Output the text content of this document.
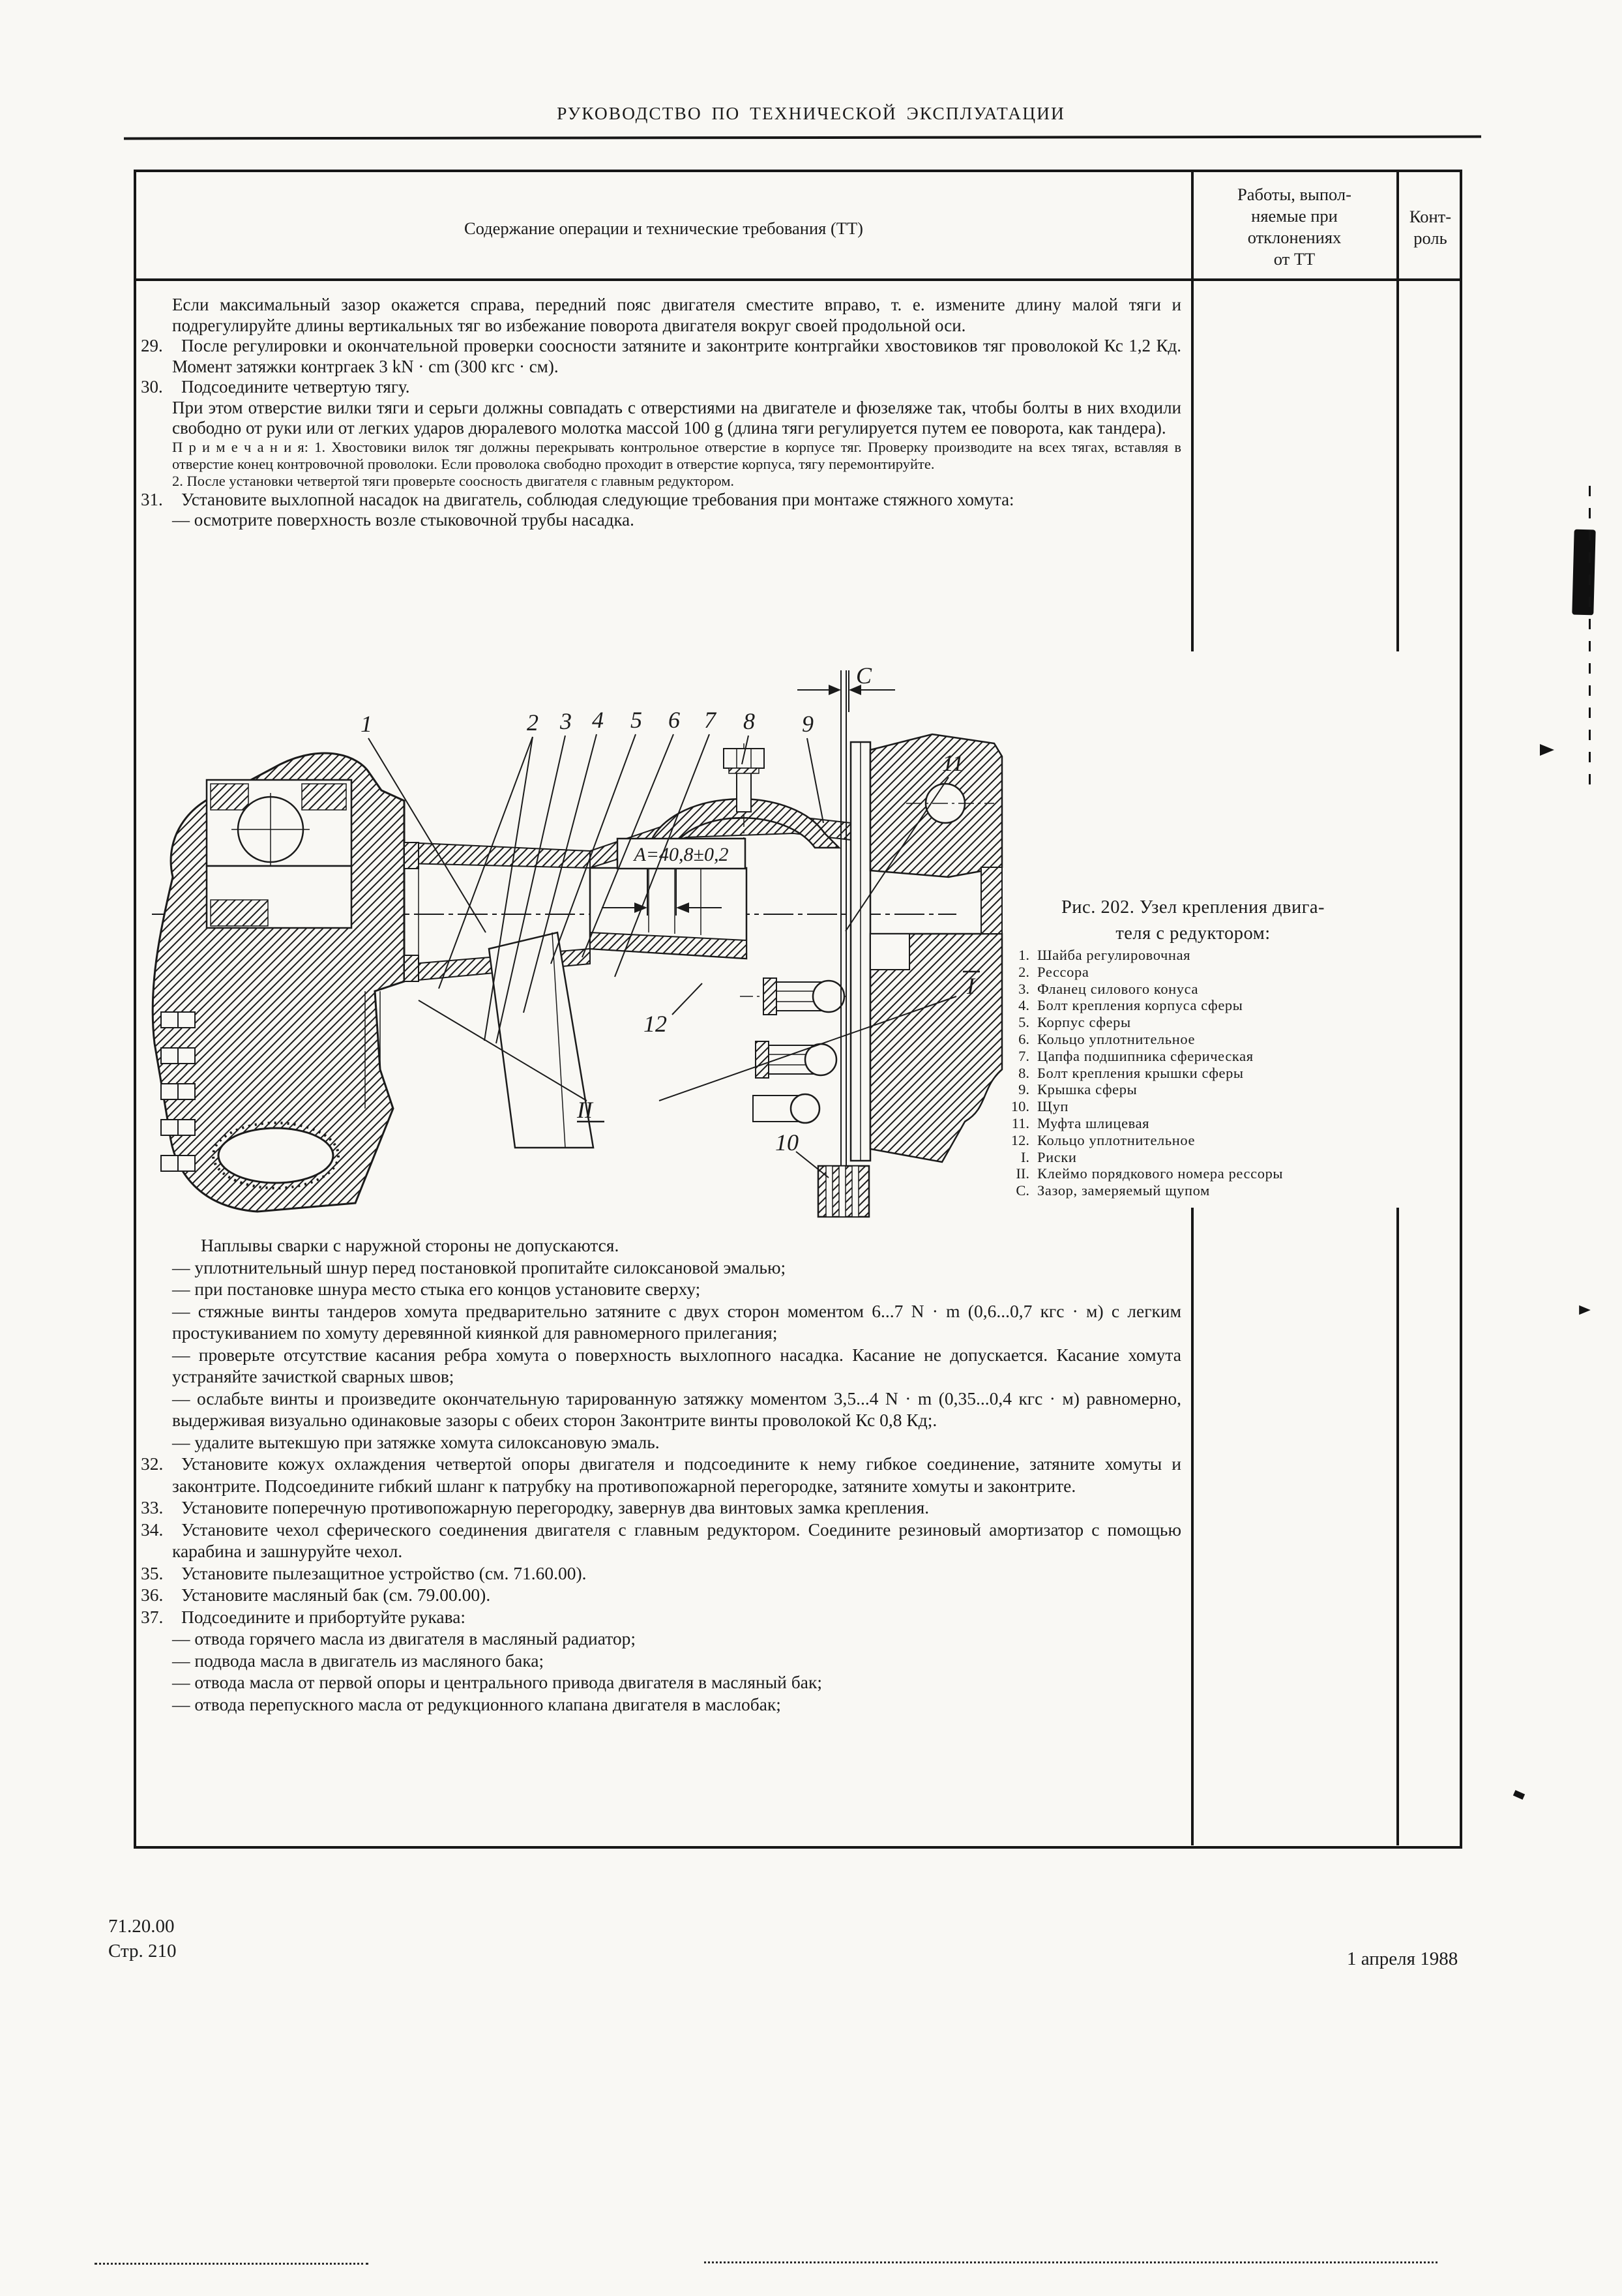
РУКОВОДСТВО ПО ТЕХНИЧЕСКОЙ ЭКСПЛУАТАЦИИ
Содержание операции и технические требования (ТТ)
Работы, выпол-
няемые при
отклонениях
от ТТ
Конт-
роль
Если максимальный зазор окажется справа, передний пояс двигателя сместите вправо, т. е. измените длину малой тяги и подрегулируйте длины вертикальных тяг во избежание поворота двигателя вокруг своей продольной оси.
29. После регулировки и окончательной проверки соосности затяните и законтрите контргайки хвостовиков тяг проволокой Кс 1,2 Кд. Момент затяжки контргаек 3 kN · cm (300 кгс · см).
30. Подсоедините четвертую тягу.
При этом отверстие вилки тяги и серьги должны совпадать с отверстиями на двигателе и фюзеляже так, чтобы болты в них входили свободно от руки или от легких ударов дюралевого молотка массой 100 g (длина тяги регулируется путем ее поворота, как тандера).
П р и м е ч а н и я: 1. Хвостовики вилок тяг должны перекрывать контрольное отверстие в корпусе тяг. Проверку производите на всех тягах, вставляя в отверстие конец контровочной проволоки. Если проволока свободно проходит в отверстие корпуса, тягу перемонтируйте.
2. После установки четвертой тяги проверьте соосность двигателя с главным редуктором.
31. Установите выхлопной насадок на двигатель, соблюдая следующие требования при монтаже стяжного хомута:
— осмотрите поверхность возле стыковочной трубы насадка.
1	2 3 4 5 6 7 8 9
11
C
12
II
10
I
A=40,8±0,2
Рис. 202. Узел крепления двига-
теля с редуктором:
1. Шайба регулировочная
2. Рессора
3. Фланец силового конуса
4. Болт крепления корпуса сферы
5. Корпус сферы
6. Кольцо уплотнительное
7. Цапфа подшипника сферическая
8. Болт крепления крышки сферы
9. Крышка сферы
10. Щуп
11. Муфта шлицевая
12. Кольцо уплотнительное
I. Риски
II. Клеймо порядкового номера рессоры
C. Зазор, замеряемый щупом
Наплывы сварки с наружной стороны не допускаются.
— уплотнительный шнур перед постановкой пропитайте силоксановой эмалью;
— при постановке шнура место стыка его концов установите сверху;
— стяжные винты тандеров хомута предварительно затяните с двух сторон моментом 6...7 N · m (0,6...0,7 кгс · м) с легким простукиванием по хомуту деревянной киянкой для равномерного прилегания;
— проверьте отсутствие касания ребра хомута о поверхность выхлопного насадка. Касание не допускается. Касание хомута устраняйте зачисткой сварных швов;
— ослабьте винты и произведите окончательную тарированную затяжку моментом 3,5...4 N · m (0,35...0,4 кгс · м) равномерно, выдерживая визуально одинаковые зазоры с обеих сторон Законтрите винты проволокой Кс 0,8 Кд;.
— удалите вытекшую при затяжке хомута силоксановую эмаль.
32. Установите кожух охлаждения четвертой опоры двигателя и подсоедините к нему гибкое соединение, затяните хомуты и законтрите. Подсоедините гибкий шланг к патрубку на противопожарной перегородке, затяните хомуты и законтрите.
33. Установите поперечную противопожарную перегородку, завернув два винтовых замка крепления.
34. Установите чехол сферического соединения двигателя с главным редуктором. Соедините резиновый амортизатор с помощью карабина и зашнуруйте чехол.
35. Установите пылезащитное устройство (см. 71.60.00).
36. Установите масляный бак (см. 79.00.00).
37. Подсоедините и прибортуйте рукава:
— отвода горячего масла из двигателя в масляный радиатор;
— подвода масла в двигатель из масляного бака;
— отвода масла от первой опоры и центрального привода двигателя в масляный бак;
— отвода перепускного масла от редукционного клапана двигателя в маслобак;
71.20.00
Стр. 210	1 апреля 1988
